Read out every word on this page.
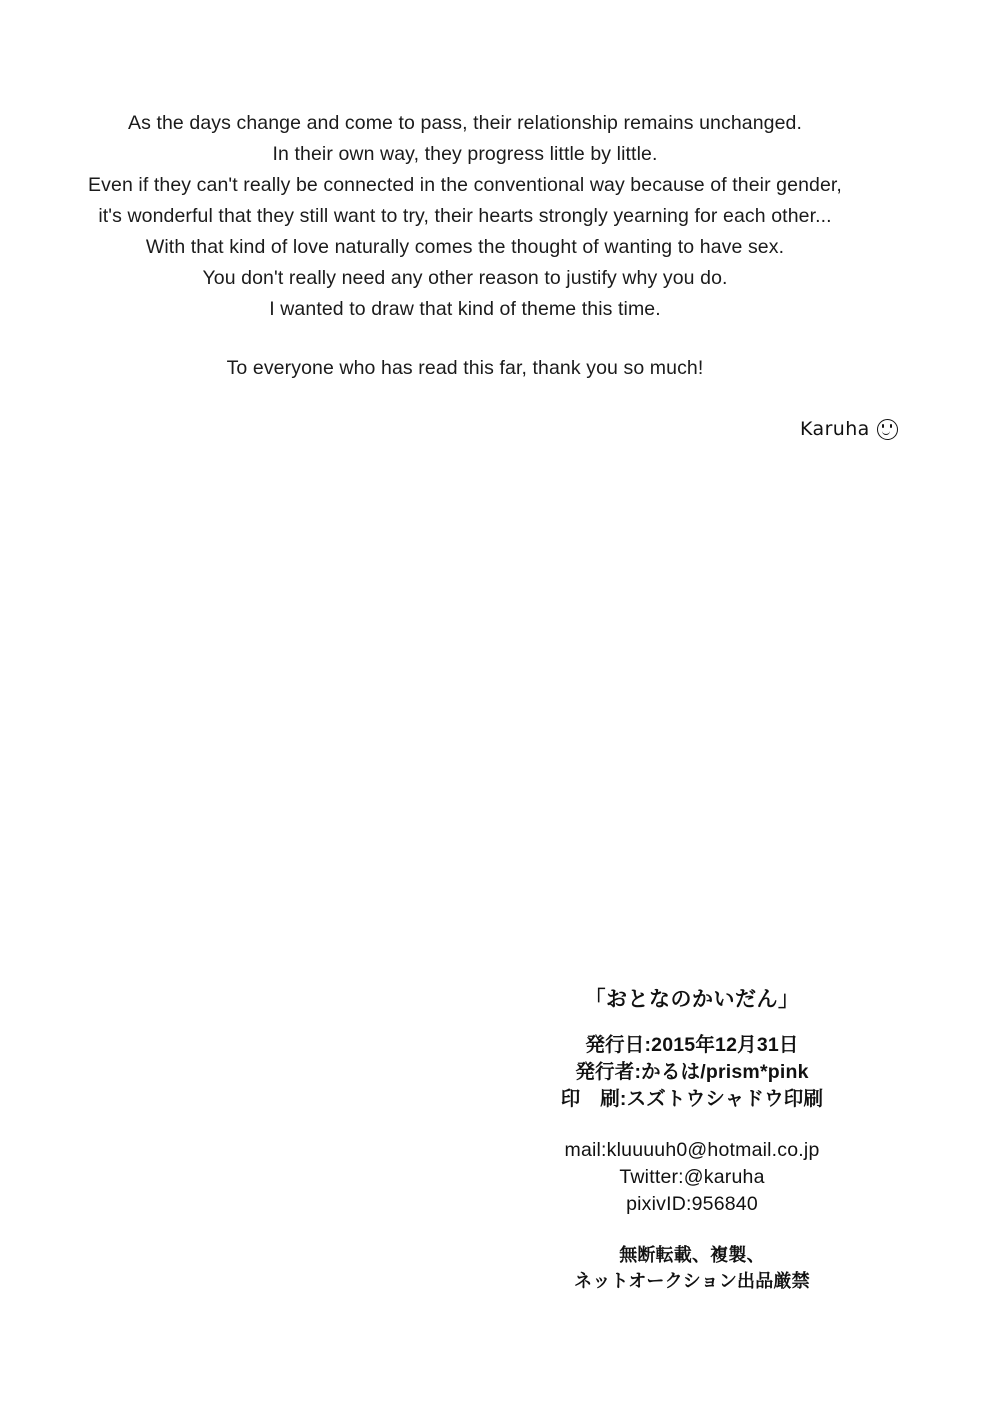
As the days change and come to pass, their relationship remains unchanged.
In their own way, they progress little by little.
Even if they can't really be connected in the conventional way because of their gender,
it's wonderful that they still want to try, their hearts strongly yearning for each other...
With that kind of love naturally comes the thought of wanting to have sex.
You don't really need any other reason to justify why you do.
I wanted to draw that kind of theme this time.
To everyone who has read this far, thank you so much!
Karuha
「おとなのかいだん」
発行日:2015年12月31日
発行者:かるは/prism*pink
印　刷:スズトウシャドウ印刷
mail:kluuuuh0@hotmail.co.jp
Twitter:@karuha
pixivID:956840
無断転載、複製、
ネットオークション出品厳禁
